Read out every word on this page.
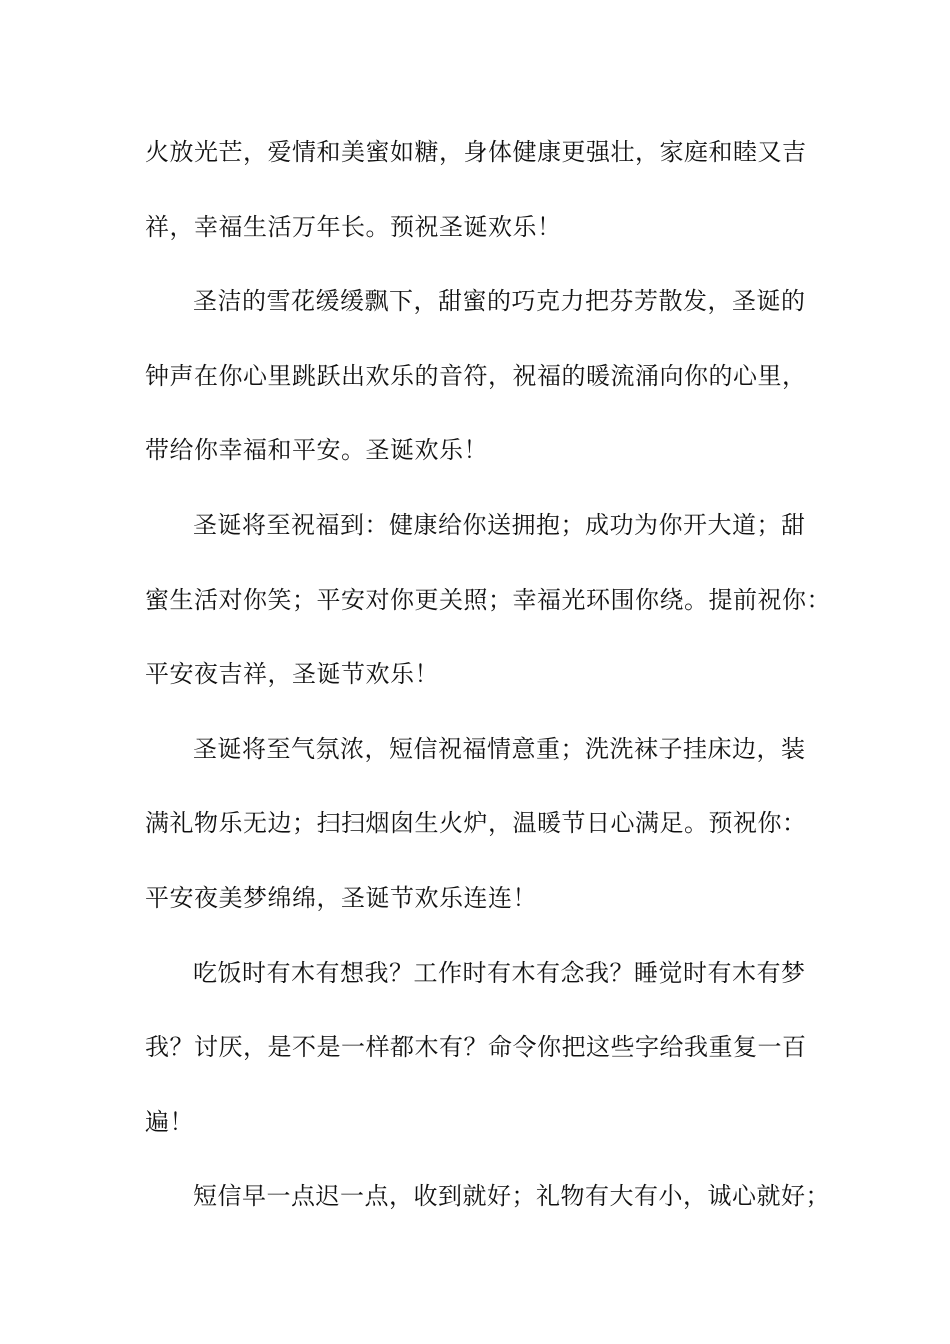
火放光芒，爱情和美蜜如糖，身体健康更强壮，家庭和睦又吉
祥，幸福生活万年长。预祝圣诞欢乐！
圣洁的雪花缓缓飘下，甜蜜的巧克力把芬芳散发，圣诞的
钟声在你心里跳跃出欢乐的音符，祝福的暖流涌向你的心里，
带给你幸福和平安。圣诞欢乐！
圣诞将至祝福到：健康给你送拥抱；成功为你开大道；甜
蜜生活对你笑；平安对你更关照；幸福光环围你绕。提前祝你：
平安夜吉祥，圣诞节欢乐！
圣诞将至气氛浓，短信祝福情意重；洗洗袜子挂床边，装
满礼物乐无边；扫扫烟囱生火炉，温暖节日心满足。预祝你：
平安夜美梦绵绵，圣诞节欢乐连连！
吃饭时有木有想我？工作时有木有念我？睡觉时有木有梦
我？讨厌，是不是一样都木有？命令你把这些字给我重复一百
遍！
短信早一点迟一点，收到就好；礼物有大有小，诚心就好；
